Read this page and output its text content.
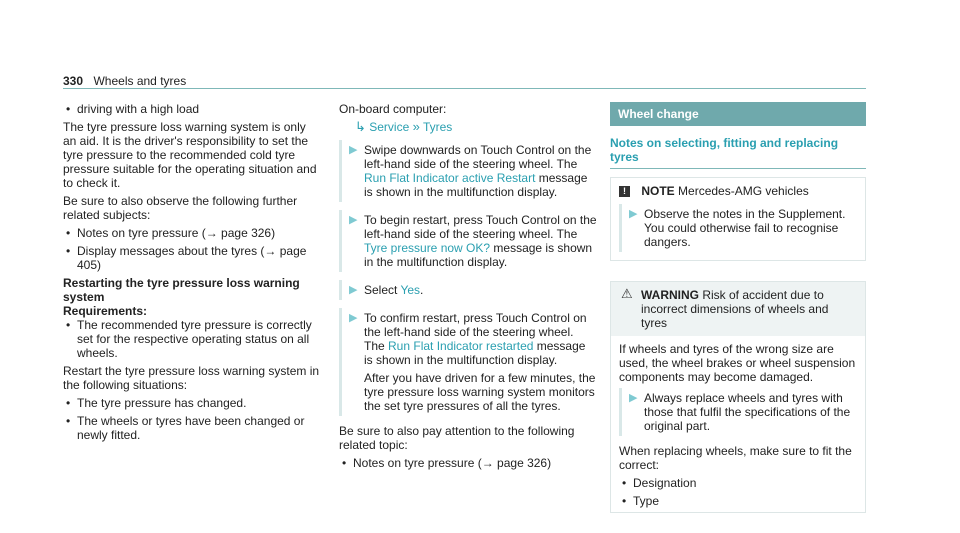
330 Wheels and tyres
• driving with a high load

The tyre pressure loss warning system is only an aid. It is the driver's responsibility to set the tyre pressure to the recommended cold tyre pressure suitable for the operating situation and to check it.

Be sure to also observe the following further related subjects:

• Notes on tyre pressure (→ page 326)
• Display messages about the tyres (→ page 405)

Restarting the tyre pressure loss warning system

Requirements:

• The recommended tyre pressure is correctly set for the respective operating status on all wheels.

Restart the tyre pressure loss warning system in the following situations:

• The tyre pressure has changed.
• The wheels or tyres have been changed or newly fitted.

On-board computer:

↳ Service » Tyres
▶ Swipe downwards on Touch Control on the left-hand side of the steering wheel. The Run Flat Indicator active Restart message is shown in the multifunction display.
▶ To begin restart, press Touch Control on the left-hand side of the steering wheel. The Tyre pressure now OK? message is shown in the multifunction display.
▶ Select Yes.
▶ To confirm restart, press Touch Control on the left-hand side of the steering wheel. The Run Flat Indicator restarted message is shown in the multifunction display.

After you have driven for a few minutes, the tyre pressure loss warning system monitors the set tyre pressures of all the tyres.

Be sure to also pay attention to the following related topic:

• Notes on tyre pressure (→ page 326)
Wheel change
Notes on selecting, fitting and replacing tyres

! NOTE Mercedes-AMG vehicles

▶ Observe the notes in the Supplement. You could otherwise fail to recognise dangers.

⚠ WARNING Risk of accident due to incorrect dimensions of wheels and tyres

If wheels and tyres of the wrong size are used, the wheel brakes or wheel suspension components may become damaged.

▶ Always replace wheels and tyres with those that fulfil the specifications of the original part.

When replacing wheels, make sure to fit the correct:

• Designation
• Type
